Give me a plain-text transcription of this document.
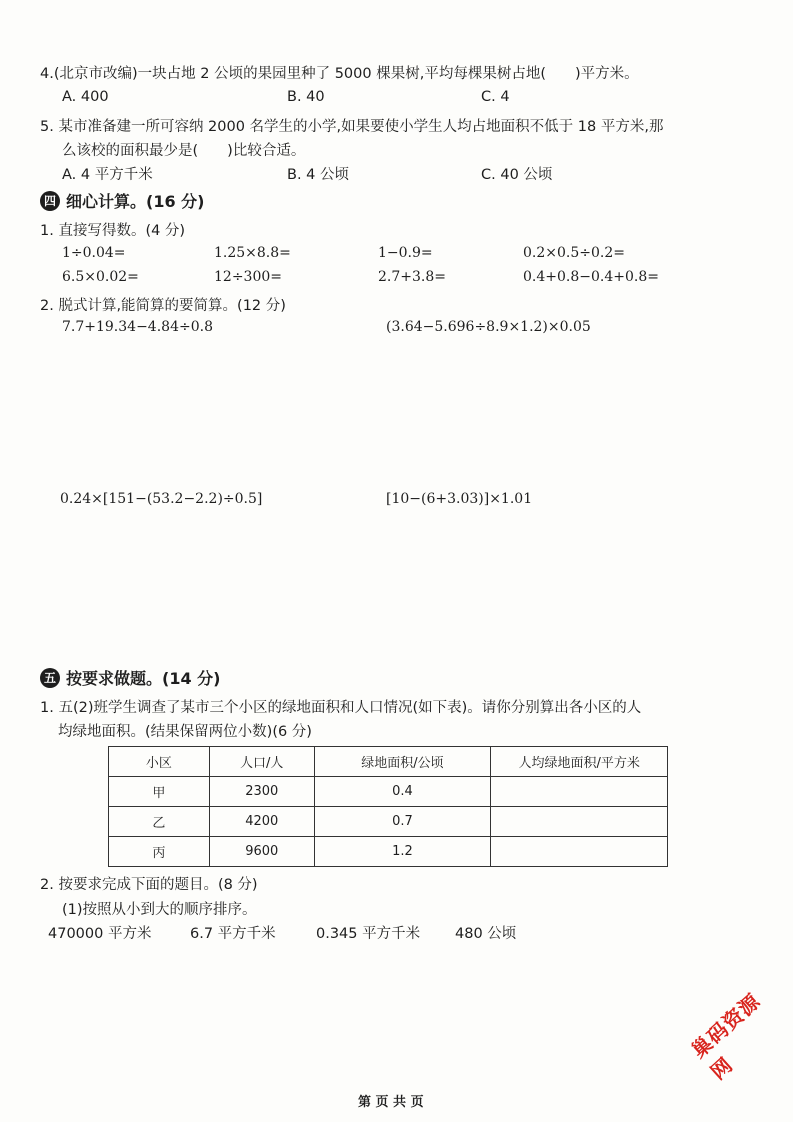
4.(北京市改编)一块占地 2 公顷的果园里种了 5000 棵果树,平均每棵果树占地(　　)平方米。
A. 400	B. 40	C. 4
5. 某市准备建一所可容纳 2000 名学生的小学,如果要使小学生人均占地面积不低于 18 平方米,那
么该校的面积最少是(　　)比较合适。
A. 4 平方千米	B. 4 公顷	C. 40 公顷
四 细心计算。(16 分)
1. 直接写得数。(4 分)
1÷0.04=	1.25×8.8=	1−0.9=	0.2×0.5÷0.2=
6.5×0.02=	12÷300=	2.7+3.8=	0.4+0.8−0.4+0.8=
2. 脱式计算,能简算的要简算。(12 分)
7.7+19.34−4.84÷0.8	(3.64−5.696÷8.9×1.2)×0.05
0.24×[151−(53.2−2.2)÷0.5]	[10−(6+3.03)]×1.01
五 按要求做题。(14 分)
1. 五(2)班学生调查了某市三个小区的绿地面积和人口情况(如下表)。请你分别算出各小区的人
均绿地面积。(结果保留两位小数)(6 分)
小区	人口/人	绿地面积/公顷	人均绿地面积/平方米
甲	2300	0.4	
乙	4200	0.7	
丙	9600	1.2	
2. 按要求完成下面的题目。(8 分)
(1)按照从小到大的顺序排序。
470000 平方米	6.7 平方千米	0.345 平方千米 480 公顷
巢码资源网
第 页 共 页
